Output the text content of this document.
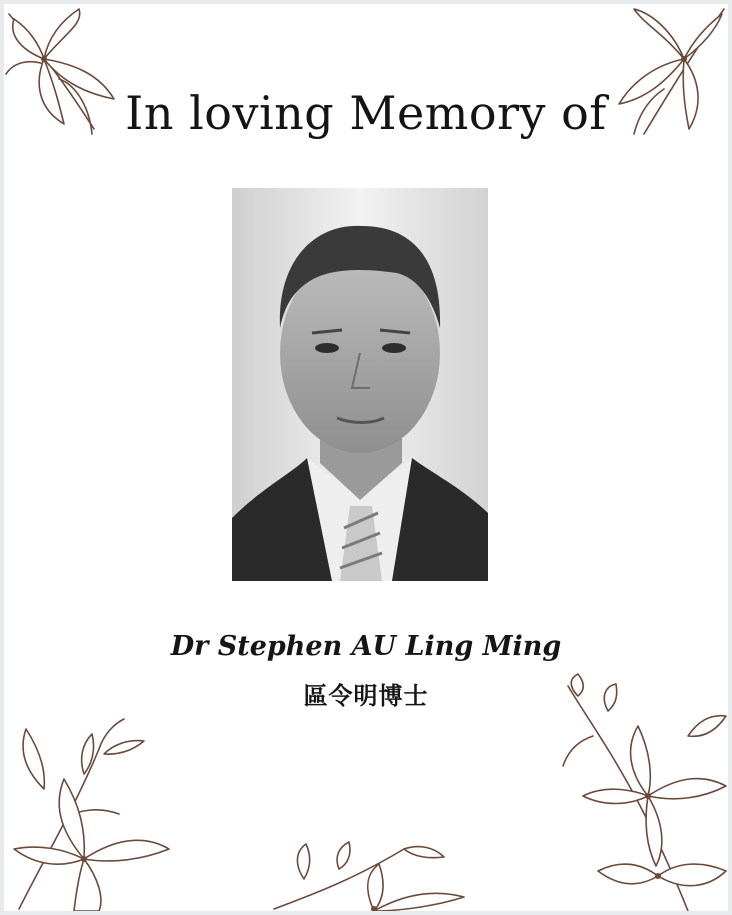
In loving Memory of
Dr Stephen AU Ling Ming
區令明博士
